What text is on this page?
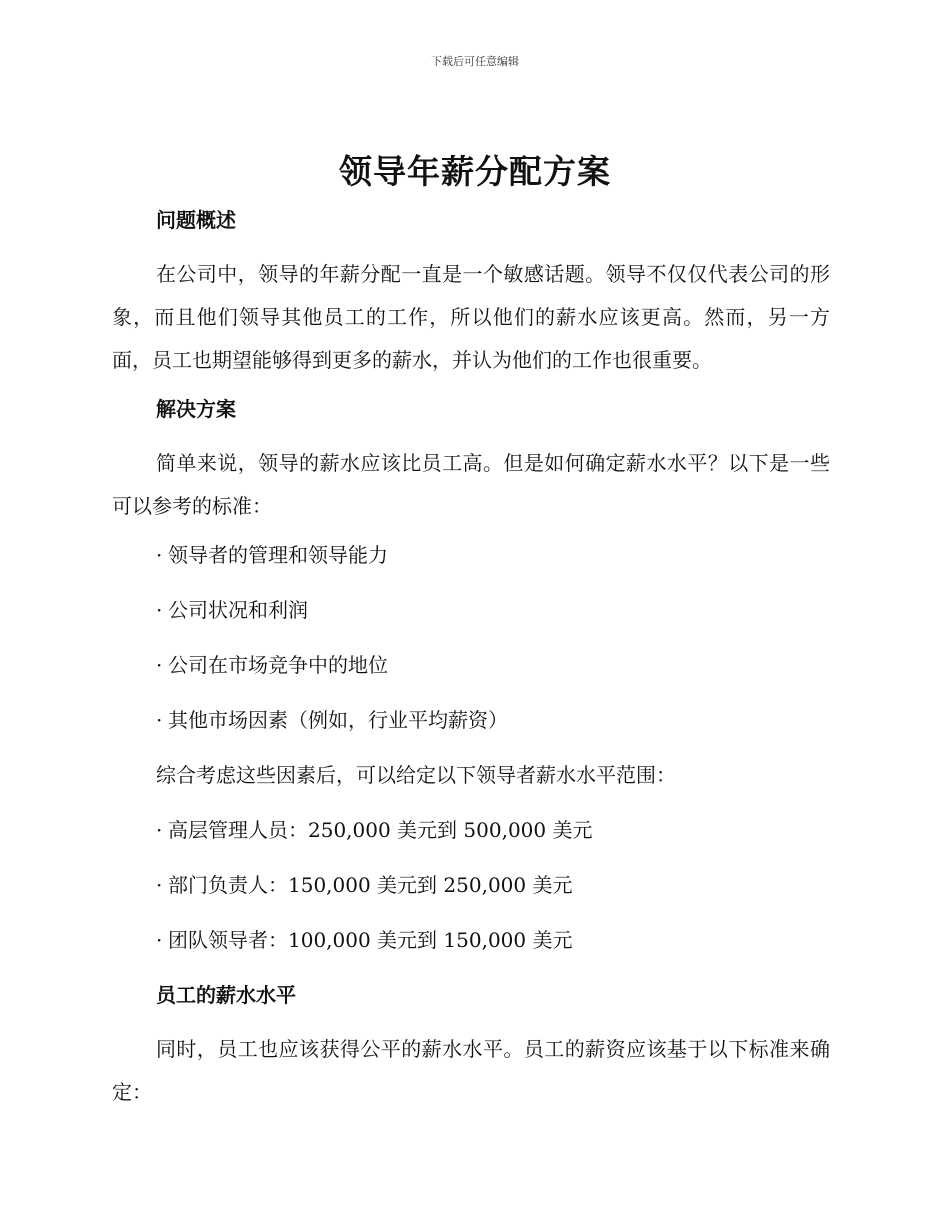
下载后可任意编辑
领导年薪分配方案
问题概述

在公司中，领导的年薪分配一直是一个敏感话题。领导不仅仅代表公司的形象，而且他们领导其他员工的工作，所以他们的薪水应该更高。然而，另一方面，员工也期望能够得到更多的薪水，并认为他们的工作也很重要。

解决方案

简单来说，领导的薪水应该比员工高。但是如何确定薪水水平？以下是一些可以参考的标准：

· 领导者的管理和领导能力
· 公司状况和利润
· 公司在市场竞争中的地位
· 其他市场因素（例如，行业平均薪资）
综合考虑这些因素后，可以给定以下领导者薪水水平范围：
· 高层管理人员：250,000 美元到 500,000 美元
· 部门负责人：150,000 美元到 250,000 美元
· 团队领导者：100,000 美元到 150,000 美元
员工的薪水水平

同时，员工也应该获得公平的薪水水平。员工的薪资应该基于以下标准来确定：
